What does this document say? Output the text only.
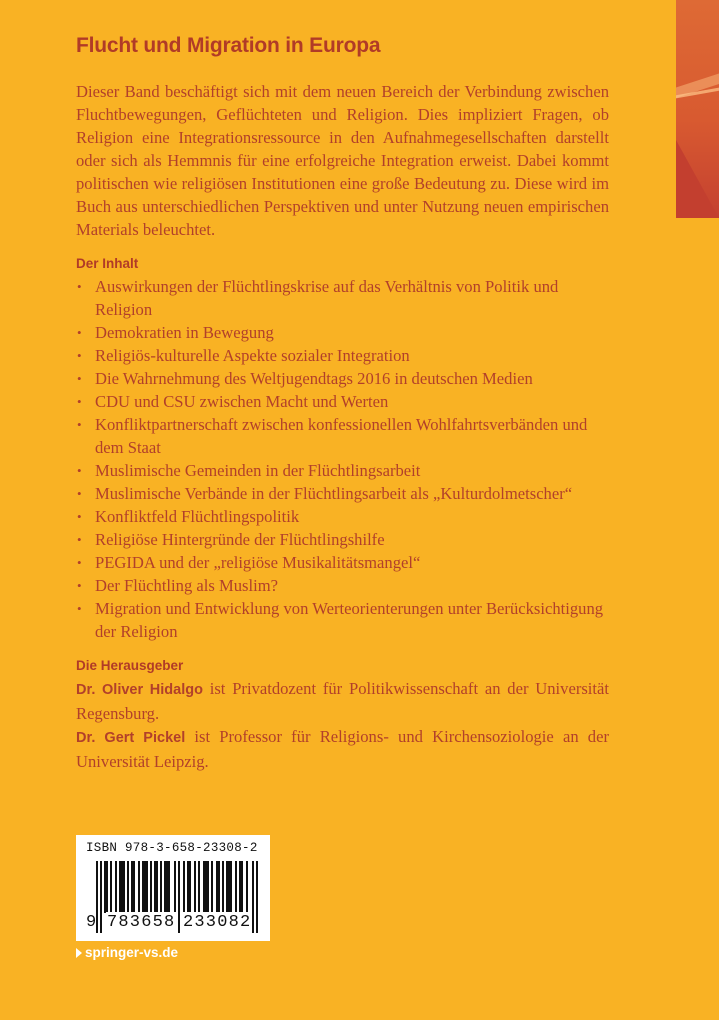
Flucht und Migration in Europa

Dieser Band beschäftigt sich mit dem neuen Bereich der Verbindung zwischen Fluchtbewegungen, Geflüchteten und Religion. Dies impliziert Fragen, ob Religion eine Integrationsressource in den Aufnahmegesellschaften darstellt oder sich als Hemmnis für eine erfolgreiche Integration erweist. Dabei kommt politischen wie religiösen Institutionen eine große Bedeutung zu. Diese wird im Buch aus unterschiedlichen Perspektiven und unter Nutzung neuen empirischen Materials beleuchtet.

Der Inhalt
• Auswirkungen der Flüchtlingskrise auf das Verhältnis von Politik und Religion
• Demokratien in Bewegung
• Religiös-kulturelle Aspekte sozialer Integration
• Die Wahrnehmung des Weltjugendtags 2016 in deutschen Medien
• CDU und CSU zwischen Macht und Werten
• Konfliktpartnerschaft zwischen konfessionellen Wohlfahrtsverbänden und dem Staat
• Muslimische Gemeinden in der Flüchtlingsarbeit
• Muslimische Verbände in der Flüchtlingsarbeit als „Kulturdolmetscher“
• Konfliktfeld Flüchtlingspolitik
• Religiöse Hintergründe der Flüchtlingshilfe
• PEGIDA und der „religiöse Musikalitätsmangel“
• Der Flüchtling als Muslim?
• Migration und Entwicklung von Werteorienterungen unter Berücksichtigung der Religion
Die Herausgeber

Dr. Oliver Hidalgo ist Privatdozent für Politikwissenschaft an der Universität Regensburg.

Dr. Gert Pickel ist Professor für Religions- und Kirchensoziologie an der Universität Leipzig.

ISBN 978-3-658-23308-2
9 783658 233082
springer-vs.de
